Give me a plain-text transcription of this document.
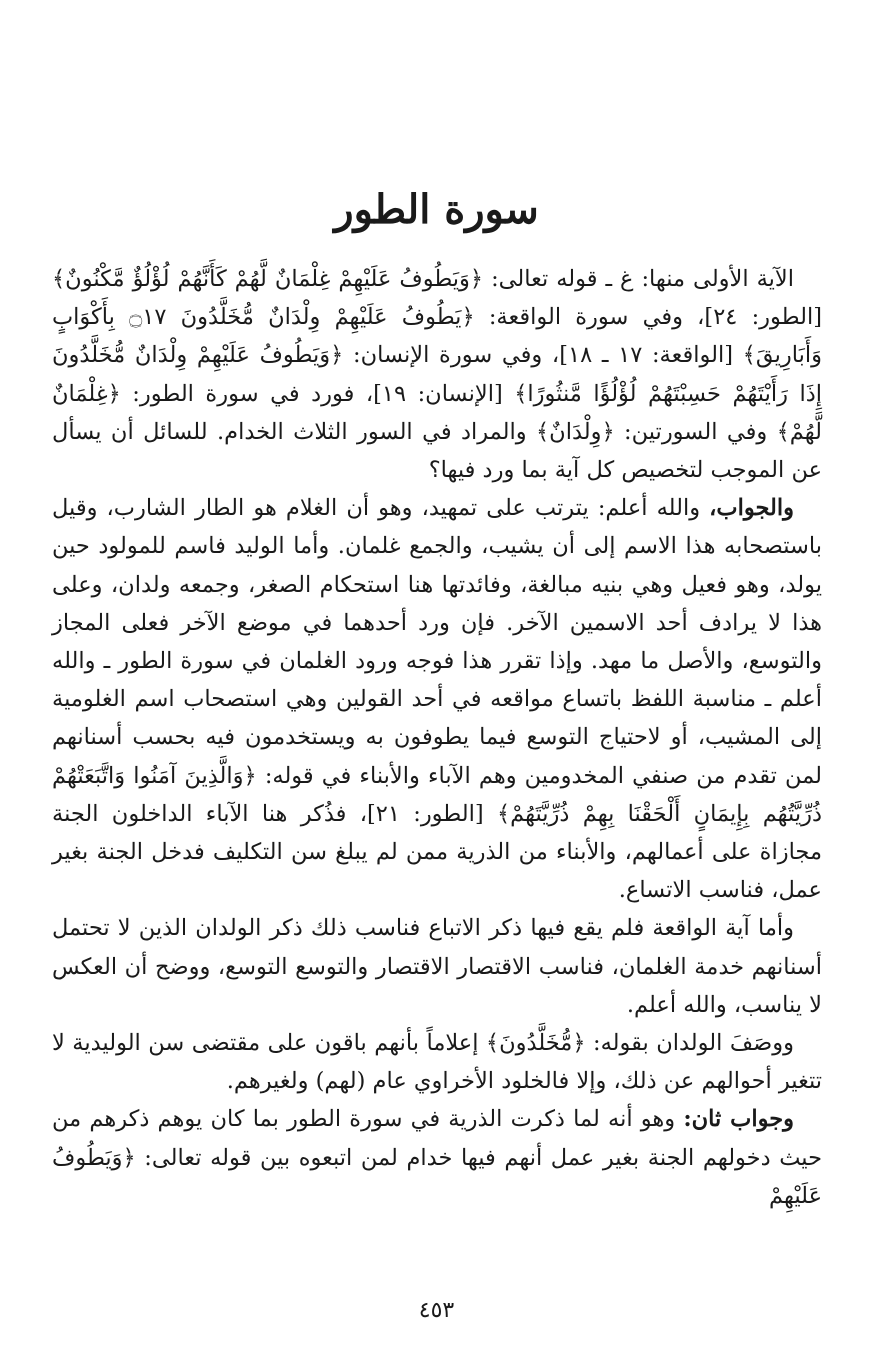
سورة الطور

الآية الأولى منها: غ ـ قوله تعالى: ﴿وَيَطُوفُ عَلَيْهِمْ غِلْمَانٌ لَّهُمْ كَأَنَّهُمْ لُؤْلُؤٌ مَّكْنُونٌ﴾ [الطور: ٢٤]، وفي سورة الواقعة: ﴿يَطُوفُ عَلَيْهِمْ وِلْدَانٌ مُّخَلَّدُونَ ۝١٧ بِأَكْوَابٍ وَأَبَارِيقَ﴾ [الواقعة: ١٧ ـ ١٨]، وفي سورة الإنسان: ﴿وَيَطُوفُ عَلَيْهِمْ وِلْدَانٌ مُّخَلَّدُونَ إِذَا رَأَيْتَهُمْ حَسِبْتَهُمْ لُؤْلُؤًا مَّنثُورًا﴾ [الإنسان: ١٩]، فورد في سورة الطور: ﴿غِلْمَانٌ لَّهُمْ﴾ وفي السورتين: ﴿وِلْدَانٌ﴾ والمراد في السور الثلاث الخدام. للسائل أن يسأل عن الموجب لتخصيص كل آية بما ورد فيها؟

والجواب، والله أعلم: يترتب على تمهيد، وهو أن الغلام هو الطار الشارب، وقيل باستصحابه هذا الاسم إلى أن يشيب، والجمع غلمان. وأما الوليد فاسم للمولود حين يولد، وهو فعيل وهي بنيه مبالغة، وفائدتها هنا استحكام الصغر، وجمعه ولدان، وعلى هذا لا يرادف أحد الاسمين الآخر. فإن ورد أحدهما في موضع الآخر فعلى المجاز والتوسع، والأصل ما مهد. وإذا تقرر هذا فوجه ورود الغلمان في سورة الطور ـ والله أعلم ـ مناسبة اللفظ باتساع مواقعه في أحد القولين وهي استصحاب اسم الغلومية إلى المشيب، أو لاحتياج التوسع فيما يطوفون به ويستخدمون فيه بحسب أسنانهم لمن تقدم من صنفي المخدومين وهم الآباء والأبناء في قوله: ﴿وَالَّذِينَ آمَنُوا وَاتَّبَعَتْهُمْ ذُرِّيَّتُهُم بِإِيمَانٍ أَلْحَقْنَا بِهِمْ ذُرِّيَّتَهُمْ﴾ [الطور: ٢١]، فذُكر هنا الآباء الداخلون الجنة مجازاة على أعمالهم، والأبناء من الذرية ممن لم يبلغ سن التكليف فدخل الجنة بغير عمل، فناسب الاتساع.

وأما آية الواقعة فلم يقع فيها ذكر الاتباع فناسب ذلك ذكر الولدان الذين لا تحتمل أسنانهم خدمة الغلمان، فناسب الاقتصار الاقتصار والتوسع التوسع، ووضح أن العكس لا يناسب، والله أعلم.

ووصَفَ الولدان بقوله: ﴿مُّخَلَّدُونَ﴾ إعلاماً بأنهم باقون على مقتضى سن الوليدية لا تتغير أحوالهم عن ذلك، وإلا فالخلود الأخراوي عام (لهم) ولغيرهم.

وجواب ثان: وهو أنه لما ذكرت الذرية في سورة الطور بما كان يوهم ذكرهم من حيث دخولهم الجنة بغير عمل أنهم فيها خدام لمن اتبعوه بين قوله تعالى: ﴿وَيَطُوفُ عَلَيْهِمْ

٤٥٣
